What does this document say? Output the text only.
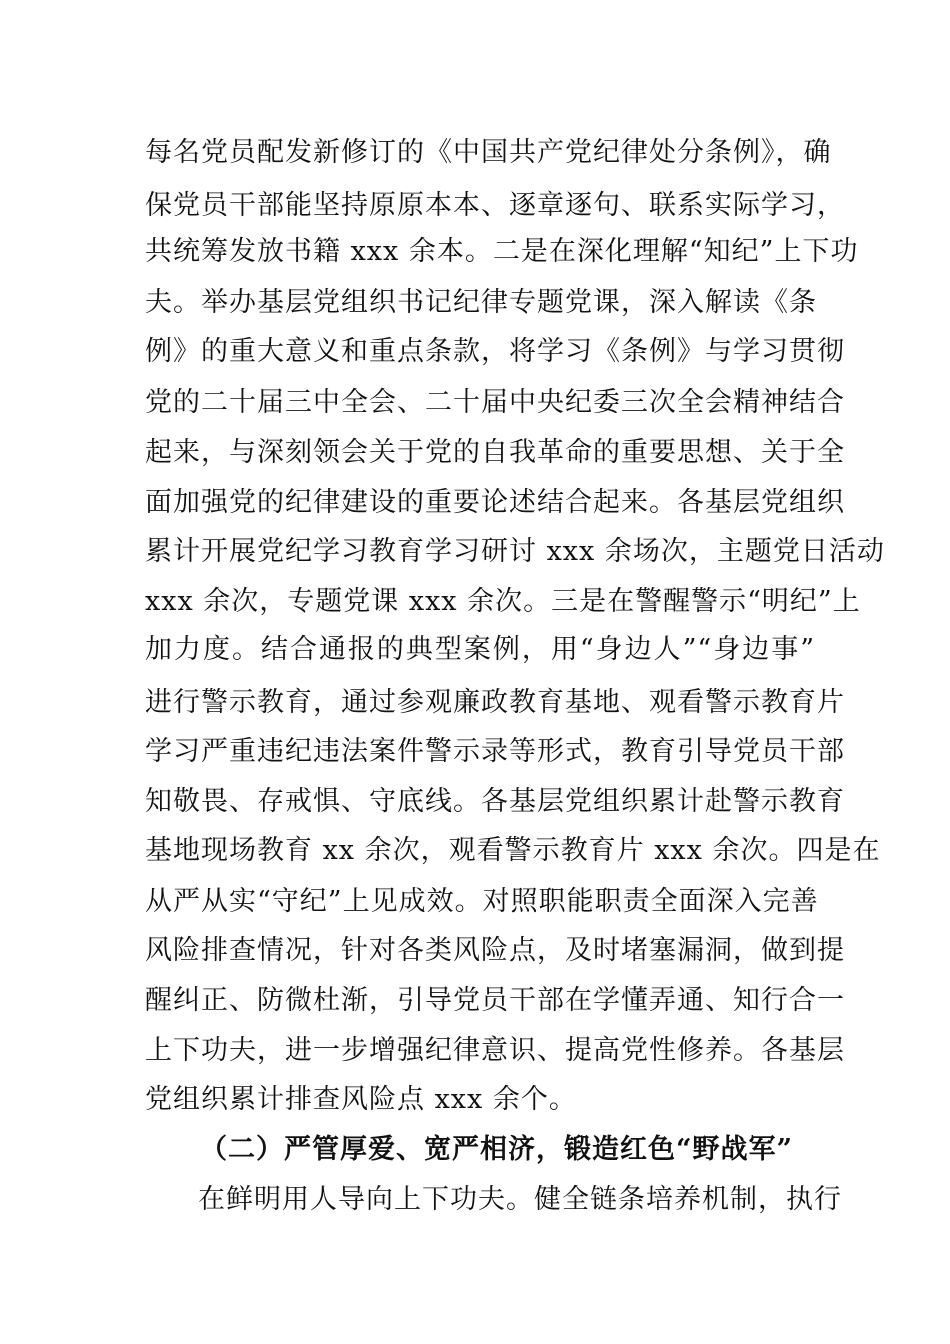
每名党员配发新修订的《中国共产党纪律处分条例》，确
保党员干部能坚持原原本本、逐章逐句、联系实际学习，
共统筹发放书籍 xxx 余本。二是在深化理解“知纪”上下功
夫。举办基层党组织书记纪律专题党课，深入解读《条
例》的重大意义和重点条款，将学习《条例》与学习贯彻
党的二十届三中全会、二十届中央纪委三次全会精神结合
起来，与深刻领会关于党的自我革命的重要思想、关于全
面加强党的纪律建设的重要论述结合起来。各基层党组织
累计开展党纪学习教育学习研讨 xxx 余场次，主题党日活动
xxx 余次，专题党课 xxx 余次。三是在警醒警示“明纪”上
加力度。结合通报的典型案例，用“身边人”“身边事”
进行警示教育，通过参观廉政教育基地、观看警示教育片
学习严重违纪违法案件警示录等形式，教育引导党员干部
知敬畏、存戒惧、守底线。各基层党组织累计赴警示教育
基地现场教育 xx 余次，观看警示教育片 xxx 余次。四是在
从严从实“守纪”上见成效。对照职能职责全面深入完善
风险排查情况，针对各类风险点，及时堵塞漏洞，做到提
醒纠正、防微杜渐，引导党员干部在学懂弄通、知行合一
上下功夫，进一步增强纪律意识、提高党性修养。各基层
党组织累计排查风险点 xxx 余个。
（二）严管厚爱、宽严相济，锻造红色“野战军”
在鲜明用人导向上下功夫。健全链条培养机制，执行
